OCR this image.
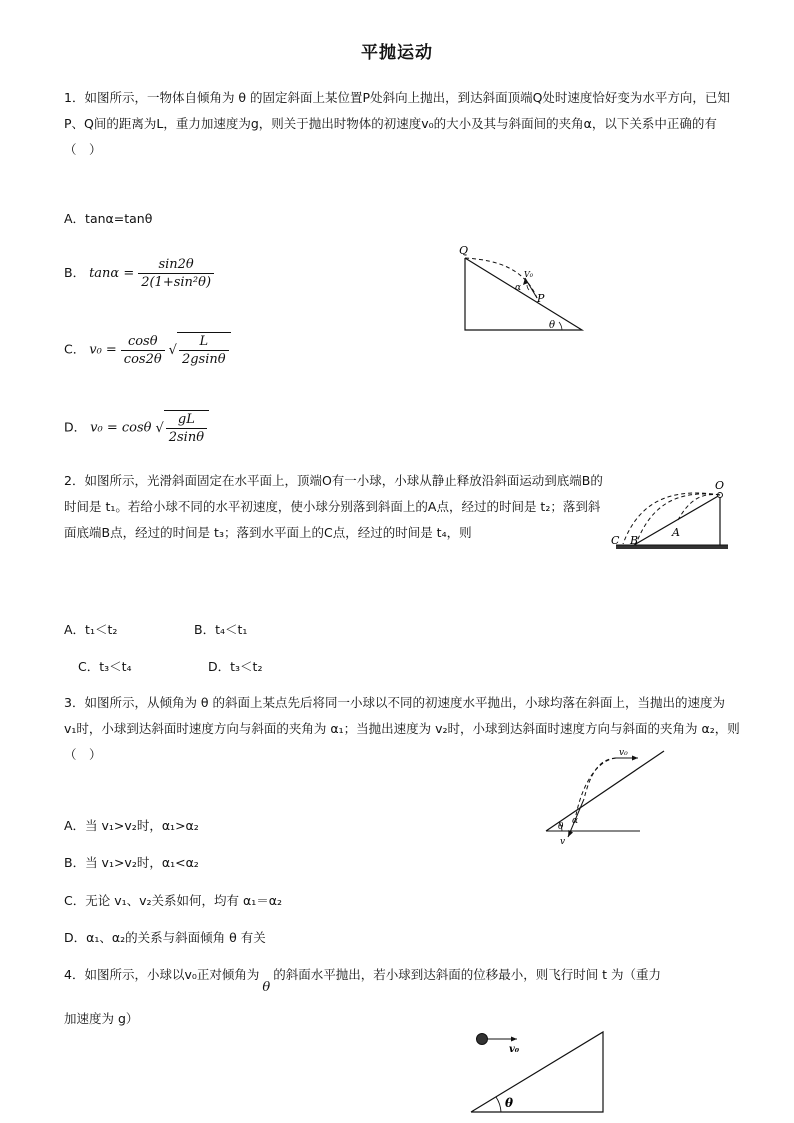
平抛运动
1．如图所示，一物体自倾角为 θ 的固定斜面上某位置P处斜向上抛出，到达斜面顶端Q处时速度恰好变为水平方向，已知P、Q间的距离为L，重力加速度为g，则关于抛出时物体的初速度v₀的大小及其与斜面间的夹角α，以下关系中正确的有（　）
A．tanα=tanθ
B． $\tan\alpha = \frac{\sin 2\theta}{\text{2(1+sin²θ)}}$
C． $v_0 = \frac{\cos\theta}{\cos 2\theta}$ √ $\frac{L}{2gsin\theta}$
D． v₀ = cosθ √ $\frac{gL}{2\sin\theta}$
Q
P
V₀
α
θ
2．如图所示，光滑斜面固定在水平面上，顶端O有一小球，小球从静止释放沿斜面运动到底端B的时间是 t₁。若给小球不同的水平初速度，使小球分别落到斜面上的A点，经过的时间是 t₂；落到斜面底端B点，经过的时间是 t₃；落到水平面上的C点，经过的时间是 t₄，则
O
A
B
C
A．t₁＜t₂	B．t₄＜t₁
C．t₃＜t₄	D．t₃＜t₂
3．如图所示，从倾角为 θ 的斜面上某点先后将同一小球以不同的初速度水平抛出，小球均落在斜面上，当抛出的速度为 v₁时，小球到达斜面时速度方向与斜面的夹角为 α₁；当抛出速度为 v₂时，小球到达斜面时速度方向与斜面的夹角为 α₂，则（　）	v₀
α
θ
v
A．当 v₁>v₂时，α₁>α₂
B．当 v₁>v₂时，α₁<α₂
C．无论 v₁、v₂关系如何，均有 α₁＝α₂
D．α₁、α₂的关系与斜面倾角 θ 有关
4．如图所示，小球以v₀正对倾角为θ的斜面水平抛出，若小球到达斜面的位移最小，则飞行时间 t 为（重力
加速度为 g）
v₀
θ
